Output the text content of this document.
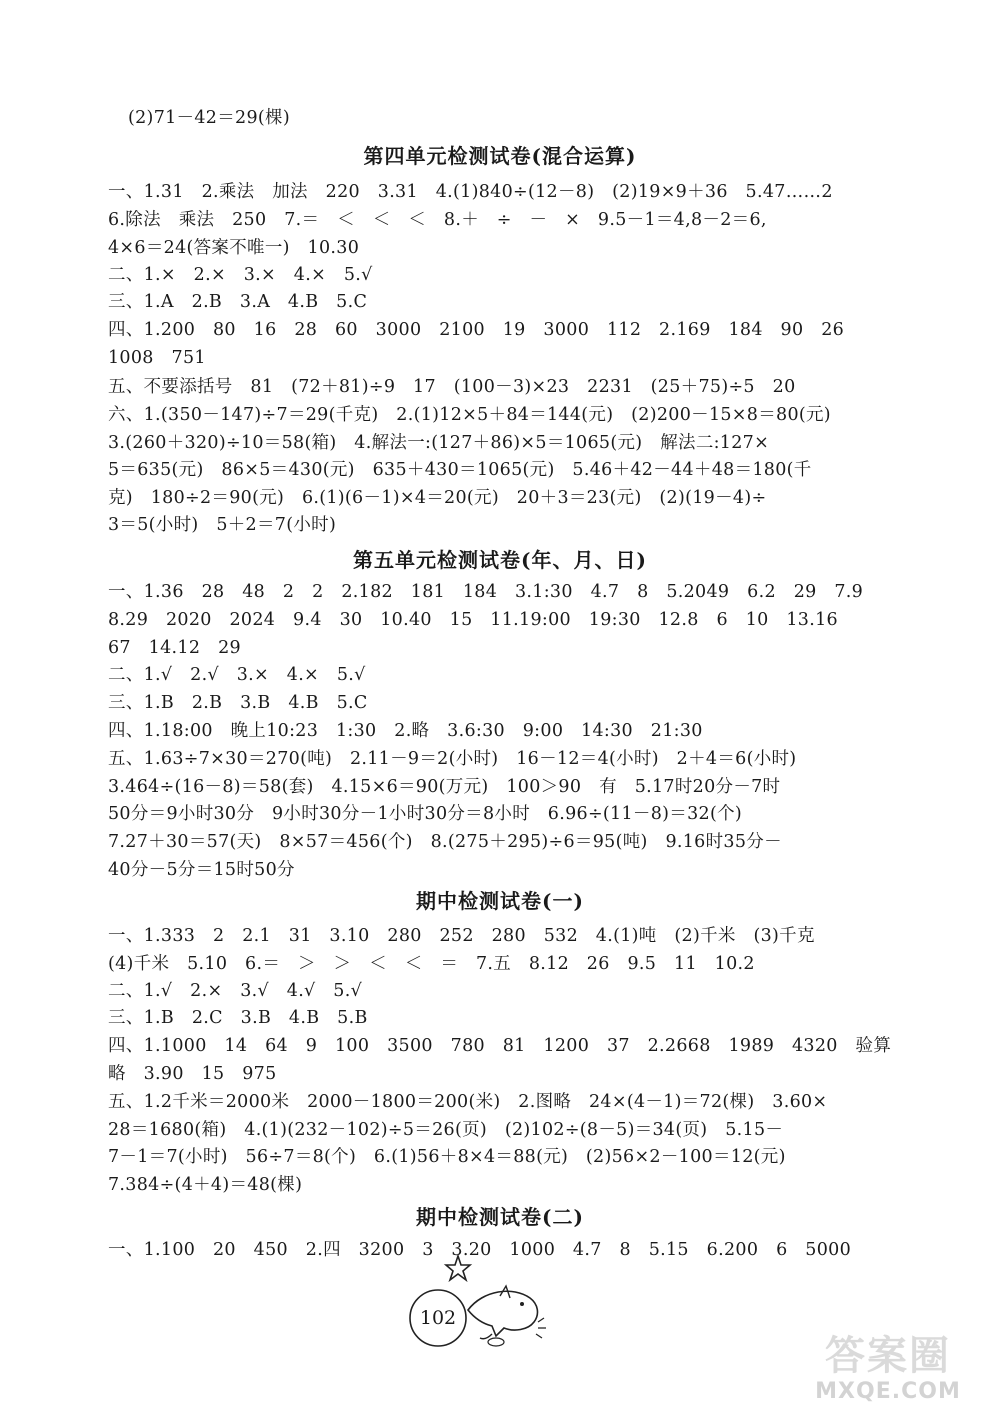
(2)71－42＝29(棵)
第四单元检测试卷(混合运算)
一、1.31　2.乘法　加法　220　3.31　4.(1)840÷(12－8)　(2)19×9＋36　5.47……2
6.除法　乘法　250　7.＝　＜　＜　＜　8.＋　÷　－　×　9.5－1＝4,8－2＝6,
4×6＝24(答案不唯一)　10.30
二、1.×　2.×　3.×　4.×　5.√
三、1.A　2.B　3.A　4.B　5.C
四、1.200　80　16　28　60　3000　2100　19　3000　112　2.169　184　90　26
1008　751
五、不要添括号　81　(72＋81)÷9　17　(100－3)×23　2231　(25＋75)÷5　20
六、1.(350－147)÷7＝29(千克)　2.(1)12×5＋84＝144(元)　(2)200－15×8＝80(元)
3.(260＋320)÷10＝58(箱)　4.解法一:(127＋86)×5＝1065(元)　解法二:127×
5＝635(元)　86×5＝430(元)　635＋430＝1065(元)　5.46＋42－44＋48＝180(千
克)　180÷2＝90(元)　6.(1)(6－1)×4＝20(元)　20＋3＝23(元)　(2)(19－4)÷
3＝5(小时)　5＋2＝7(小时)
第五单元检测试卷(年、月、日)
一、1.36　28　48　2　2　2.182　181　184　3.1:30　4.7　8　5.2049　6.2　29　7.9
8.29　2020　2024　9.4　30　10.40　15　11.19:00　19:30　12.8　6　10　13.16
67　14.12　29
二、1.√　2.√　3.×　4.×　5.√
三、1.B　2.B　3.B　4.B　5.C
四、1.18:00　晚上10:23　1:30　2.略　3.6:30　9:00　14:30　21:30
五、1.63÷7×30＝270(吨)　2.11－9＝2(小时)　16－12＝4(小时)　2＋4＝6(小时)
3.464÷(16－8)＝58(套)　4.15×6＝90(万元)　100＞90　有　5.17时20分－7时
50分＝9小时30分　9小时30分－1小时30分＝8小时　6.96÷(11－8)＝32(个)
7.27＋30＝57(天)　8×57＝456(个)　8.(275＋295)÷6＝95(吨)　9.16时35分－
40分－5分＝15时50分
期中检测试卷(一)
一、1.333　2　2.1　31　3.10　280　252　280　532　4.(1)吨　(2)千米　(3)千克
(4)千米　5.10　6.＝　＞　＞　＜　＜　＝　7.五　8.12　26　9.5　11　10.2
二、1.√　2.×　3.√　4.√　5.√
三、1.B　2.C　3.B　4.B　5.B
四、1.1000　14　64　9　100　3500　780　81　1200　37　2.2668　1989　4320　验算
略　3.90　15　975
五、1.2千米＝2000米　2000－1800＝200(米)　2.图略　24×(4－1)＝72(棵)　3.60×
28＝1680(箱)　4.(1)(232－102)÷5＝26(页)　(2)102÷(8－5)＝34(页)　5.15－
7－1＝7(小时)　56÷7＝8(个)　6.(1)56＋8×4＝88(元)　(2)56×2－100＝12(元)
7.384÷(4＋4)＝48(棵)
期中检测试卷(二)
一、1.100　20　450　2.四　3200　3　3.20　1000　4.7　8　5.15　6.200　6　5000
102
答案圈
MXQE.COM
